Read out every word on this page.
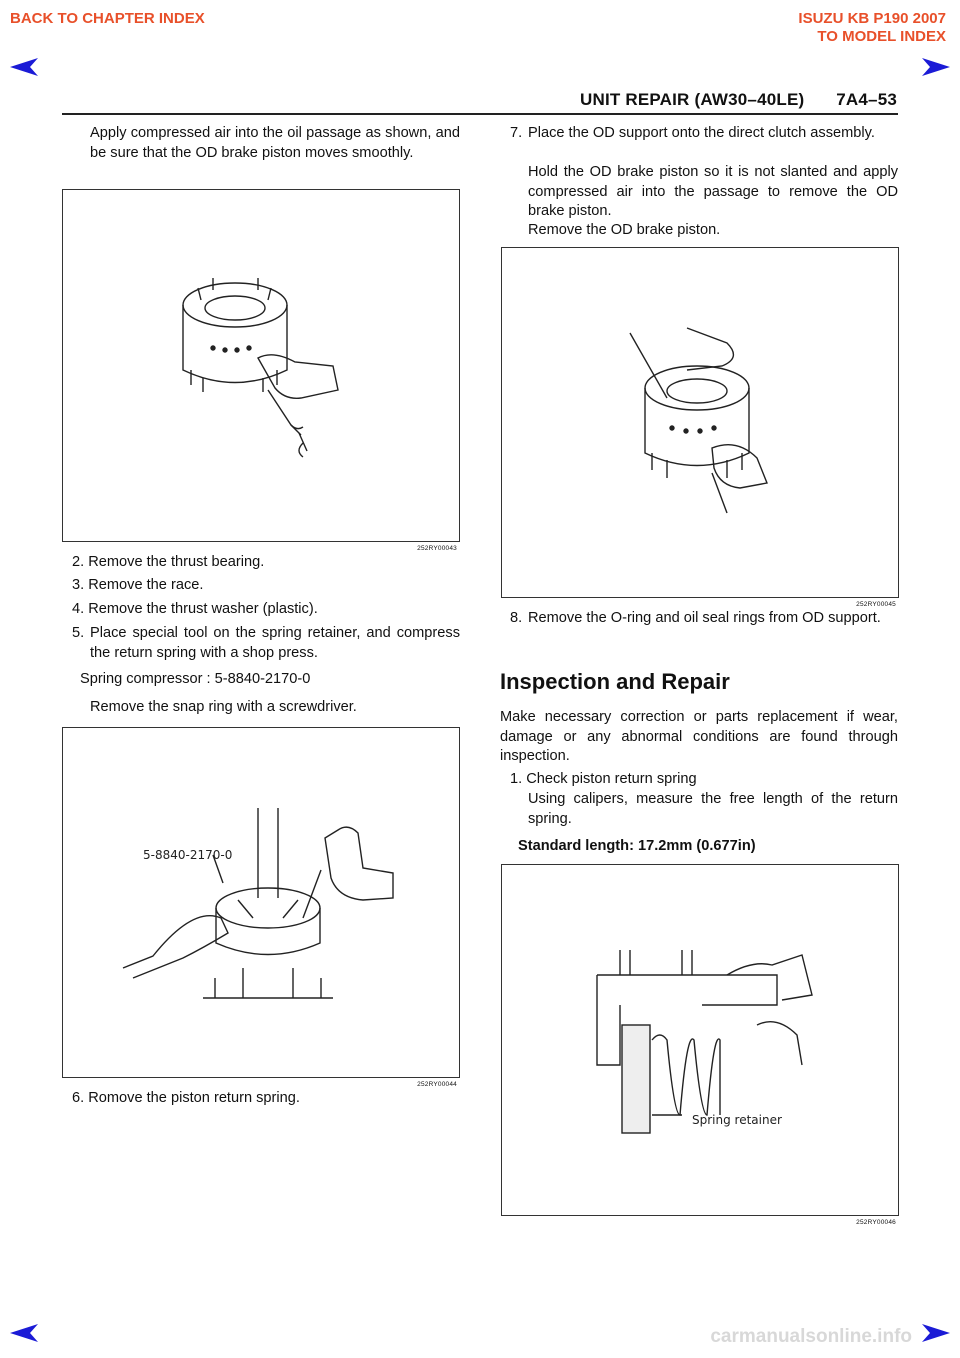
BACK TO CHAPTER INDEX	ISUZU KB P190 2007
TO MODEL INDEX
UNIT REPAIR (AW30–40LE) 7A4–53
Apply compressed air into the oil passage as shown, and be sure that the OD brake piston moves smoothly.
252RY00043
2. Remove the thrust bearing.
3. Remove the race.
4. Remove the thrust washer (plastic).
5. Place special tool on the spring retainer, and compress the return spring with a shop press.
Spring compressor : 5-8840-2170-0
Remove the snap ring with a screwdriver.
5-8840-2170-0
252RY00044
6. Romove the piston return spring.
7. Place the OD support onto the direct clutch assembly.
Hold the OD brake piston so it is not slanted and apply compressed air into the passage to remove the OD brake piston.
Remove the OD brake piston.
252RY00045
8. Remove the O-ring and oil seal rings from OD support.
Inspection and Repair
Make necessary correction or parts replacement if wear, damage or any abnormal conditions are found through inspection.
1. Check piston return spring
Using calipers, measure the free length of the return spring.
Standard length: 17.2mm (0.677in)
Spring retainer
252RY00046
carmanualsonline.info
